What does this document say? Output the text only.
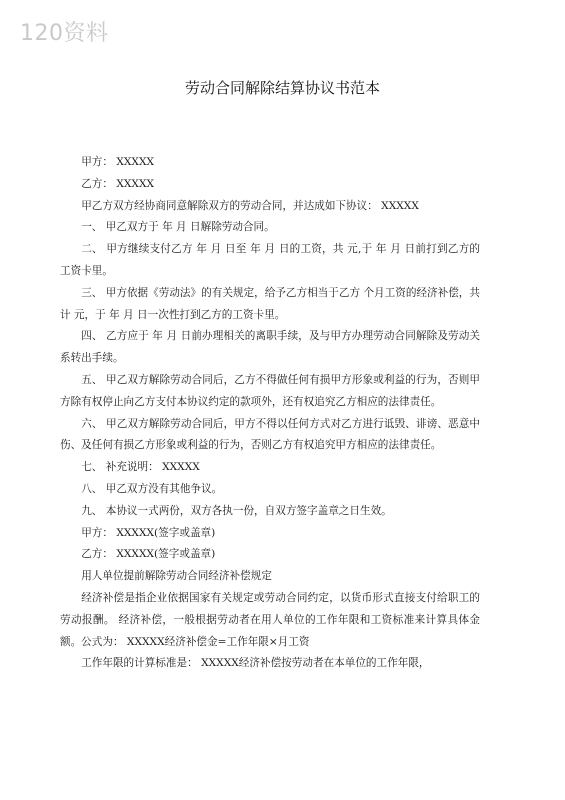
120资料
劳动合同解除结算协议书范本

甲方： XXXXX

乙方： XXXXX

甲乙方双方经协商同意解除双方的劳动合同，并达成如下协议： XXXXX

一、 甲乙双方于 年 月 日解除劳动合同。

二、 甲方继续支付乙方 年 月 日至 年 月 日的工资，共 元,于 年 月 日前打到乙方的工资卡里。

三、 甲方依据《劳动法》的有关规定，给予乙方相当于乙方 个月工资的经济补偿，共计 元，于 年 月 日一次性打到乙方的工资卡里。

四、 乙方应于 年 月 日前办理相关的离职手续，及与甲方办理劳动合同解除及劳动关系转出手续。

五、 甲乙双方解除劳动合同后，乙方不得做任何有损甲方形象或利益的行为，否则甲方除有权停止向乙方支付本协议约定的款项外，还有权追究乙方相应的法律责任。

六、 甲乙双方解除劳动合同后，甲方不得以任何方式对乙方进行诋毁、诽谤、恶意中伤、及任何有损乙方形象或利益的行为，否则乙方有权追究甲方相应的法律责任。

七、 补充说明： XXXXX

八、 甲乙双方没有其他争议。

九、 本协议一式两份，双方各执一份，自双方签字盖章之日生效。

甲方： XXXXX(签字或盖章)

乙方： XXXXX(签字或盖章)

用人单位提前解除劳动合同经济补偿规定

经济补偿是指企业依据国家有关规定或劳动合同约定，以货币形式直接支付给职工的劳动报酬。 经济补偿，一般根据劳动者在用人单位的工作年限和工资标准来计算具体金额。公式为： XXXXX经济补偿金=工作年限×月工资

工作年限的计算标准是： XXXXX经济补偿按劳动者在本单位的工作年限，
